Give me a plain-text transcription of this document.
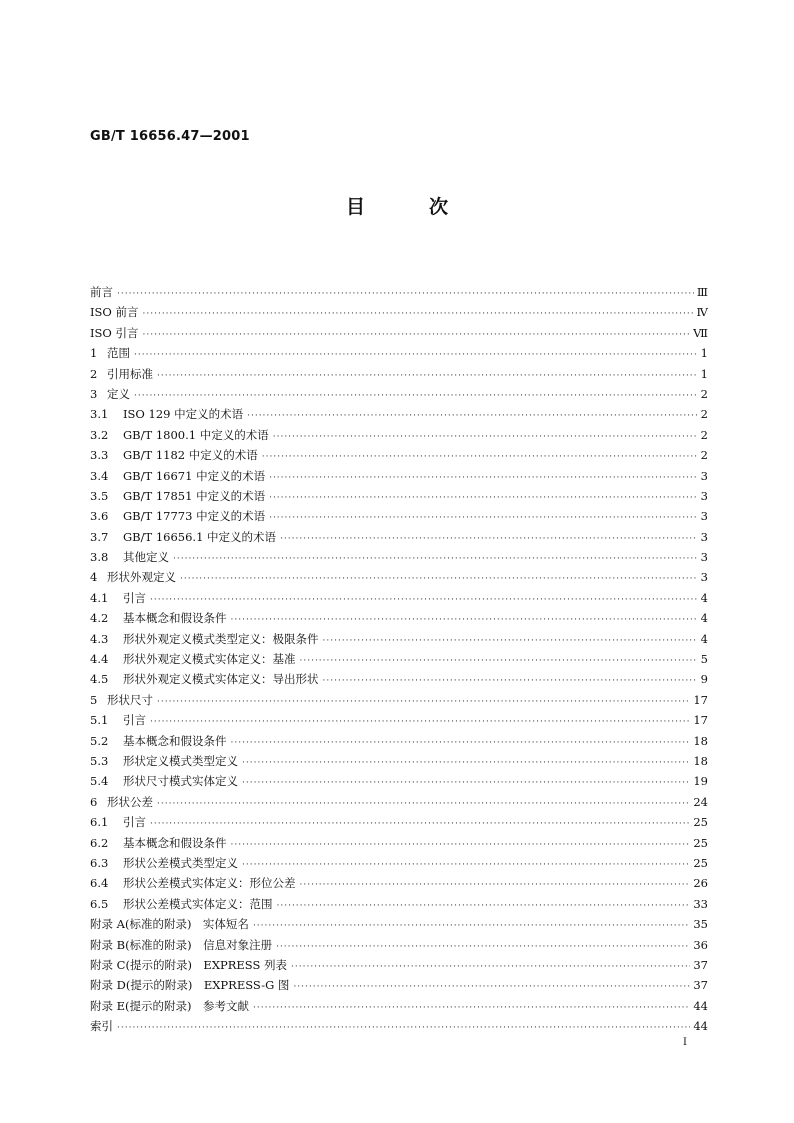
GB/T 16656.47—2001
目	次
前言 ·····	Ⅲ
ISO 前言 ·····	Ⅳ
ISO 引言 ·····	Ⅶ
1 范围 ·····	1
2 引用标准 ·····	1
3 定义 ·····	2
3.1	ISO 129 中定义的术语 ·····	2
3.2	GB/T 1800.1 中定义的术语 ·····	2
3.3	GB/T 1182 中定义的术语 ·····	2
3.4	GB/T 16671 中定义的术语 ·····	3
3.5	GB/T 17851 中定义的术语 ·····	3
3.6	GB/T 17773 中定义的术语 ·····	3
3.7	GB/T 16656.1 中定义的术语 ·····	3
3.8	其他定义 ·····	3
4 形状外观定义 ·····	3
4.1	引言 ·····	4
4.2	基本概念和假设条件 ·····	4
4.3	形状外观定义模式类型定义：极限条件 ·····	4
4.4	形状外观定义模式实体定义：基准 ·····	5
4.5	形状外观定义模式实体定义：导出形状 ·····	9
5 形状尺寸 ·····	17
5.1	引言 ·····	17
5.2	基本概念和假设条件 ·····	18
5.3	形状定义模式类型定义 ·····	18
5.4	形状尺寸模式实体定义 ·····	19
6 形状公差 ·····	24
6.1	引言 ·····	25
6.2	基本概念和假设条件 ·····	25
6.3	形状公差模式类型定义 ·····	25
6.4	形状公差模式实体定义：形位公差 ·····	26
6.5	形状公差模式实体定义：范围 ·····	33
附录 A(标准的附录)　实体短名 ·····	35
附录 B(标准的附录)　信息对象注册 ·····	36
附录 C(提示的附录)　EXPRESS 列表 ·····	37
附录 D(提示的附录)　EXPRESS-G 图 ·····	37
附录 E(提示的附录)　参考文献 ·····	44
索引 ·····	44
I
